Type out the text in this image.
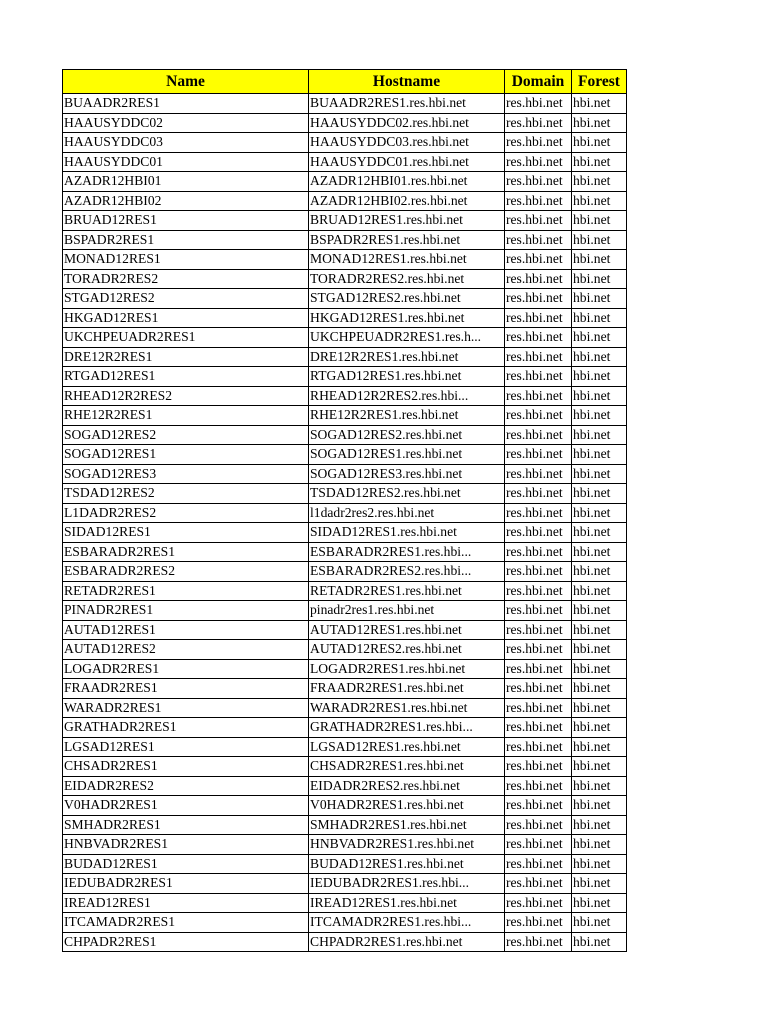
Name	Hostname	Domain	Forest
BUAADR2RES1	BUAADR2RES1.res.hbi.net	res.hbi.net	hbi.net
HAAUSYDDC02	HAAUSYDDC02.res.hbi.net	res.hbi.net	hbi.net
HAAUSYDDC03	HAAUSYDDC03.res.hbi.net	res.hbi.net	hbi.net
HAAUSYDDC01	HAAUSYDDC01.res.hbi.net	res.hbi.net	hbi.net
AZADR12HBI01	AZADR12HBI01.res.hbi.net	res.hbi.net	hbi.net
AZADR12HBI02	AZADR12HBI02.res.hbi.net	res.hbi.net	hbi.net
BRUAD12RES1	BRUAD12RES1.res.hbi.net	res.hbi.net	hbi.net
BSPADR2RES1	BSPADR2RES1.res.hbi.net	res.hbi.net	hbi.net
MONAD12RES1	MONAD12RES1.res.hbi.net	res.hbi.net	hbi.net
TORADR2RES2	TORADR2RES2.res.hbi.net	res.hbi.net	hbi.net
STGAD12RES2	STGAD12RES2.res.hbi.net	res.hbi.net	hbi.net
HKGAD12RES1	HKGAD12RES1.res.hbi.net	res.hbi.net	hbi.net
UKCHPEUADR2RES1	UKCHPEUADR2RES1.res.h...	res.hbi.net	hbi.net
DRE12R2RES1	DRE12R2RES1.res.hbi.net	res.hbi.net	hbi.net
RTGAD12RES1	RTGAD12RES1.res.hbi.net	res.hbi.net	hbi.net
RHEAD12R2RES2	RHEAD12R2RES2.res.hbi...	res.hbi.net	hbi.net
RHE12R2RES1	RHE12R2RES1.res.hbi.net	res.hbi.net	hbi.net
SOGAD12RES2	SOGAD12RES2.res.hbi.net	res.hbi.net	hbi.net
SOGAD12RES1	SOGAD12RES1.res.hbi.net	res.hbi.net	hbi.net
SOGAD12RES3	SOGAD12RES3.res.hbi.net	res.hbi.net	hbi.net
TSDAD12RES2	TSDAD12RES2.res.hbi.net	res.hbi.net	hbi.net
L1DADR2RES2	l1dadr2res2.res.hbi.net	res.hbi.net	hbi.net
SIDAD12RES1	SIDAD12RES1.res.hbi.net	res.hbi.net	hbi.net
ESBARADR2RES1	ESBARADR2RES1.res.hbi...	res.hbi.net	hbi.net
ESBARADR2RES2	ESBARADR2RES2.res.hbi...	res.hbi.net	hbi.net
RETADR2RES1	RETADR2RES1.res.hbi.net	res.hbi.net	hbi.net
PINADR2RES1	pinadr2res1.res.hbi.net	res.hbi.net	hbi.net
AUTAD12RES1	AUTAD12RES1.res.hbi.net	res.hbi.net	hbi.net
AUTAD12RES2	AUTAD12RES2.res.hbi.net	res.hbi.net	hbi.net
LOGADR2RES1	LOGADR2RES1.res.hbi.net	res.hbi.net	hbi.net
FRAADR2RES1	FRAADR2RES1.res.hbi.net	res.hbi.net	hbi.net
WARADR2RES1	WARADR2RES1.res.hbi.net	res.hbi.net	hbi.net
GRATHADR2RES1	GRATHADR2RES1.res.hbi...	res.hbi.net	hbi.net
LGSAD12RES1	LGSAD12RES1.res.hbi.net	res.hbi.net	hbi.net
CHSADR2RES1	CHSADR2RES1.res.hbi.net	res.hbi.net	hbi.net
EIDADR2RES2	EIDADR2RES2.res.hbi.net	res.hbi.net	hbi.net
V0HADR2RES1	V0HADR2RES1.res.hbi.net	res.hbi.net	hbi.net
SMHADR2RES1	SMHADR2RES1.res.hbi.net	res.hbi.net	hbi.net
HNBVADR2RES1	HNBVADR2RES1.res.hbi.net	res.hbi.net	hbi.net
BUDAD12RES1	BUDAD12RES1.res.hbi.net	res.hbi.net	hbi.net
IEDUBADR2RES1	IEDUBADR2RES1.res.hbi...	res.hbi.net	hbi.net
IREAD12RES1	IREAD12RES1.res.hbi.net	res.hbi.net	hbi.net
ITCAMADR2RES1	ITCAMADR2RES1.res.hbi...	res.hbi.net	hbi.net
CHPADR2RES1	CHPADR2RES1.res.hbi.net	res.hbi.net	hbi.net
